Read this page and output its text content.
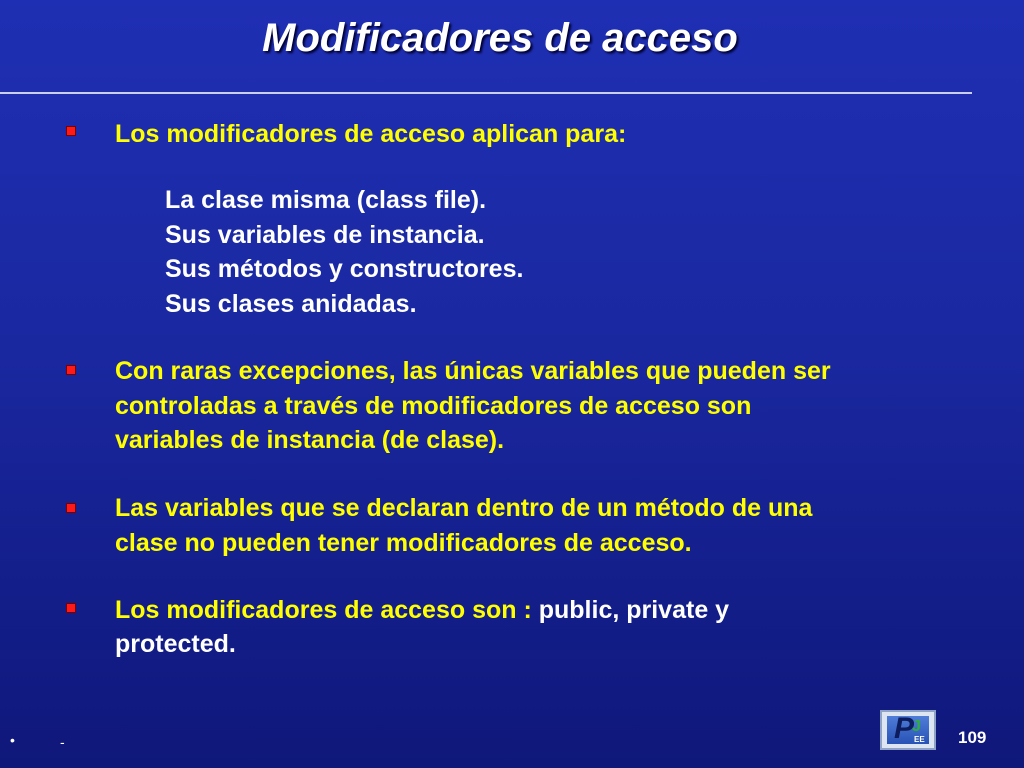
Modificadores de acceso
Los modificadores de acceso aplican para:
La clase misma (class file).
Sus variables de instancia.
Sus métodos y constructores.
Sus clases anidadas.
Con raras excepciones, las únicas variables que pueden ser
controladas a través de modificadores de acceso son
variables de instancia (de clase).
Las variables que se declaran dentro de un método de una
clase no pueden tener modificadores de acceso.
Los modificadores de acceso son : public, private y
protected.
•	-	P
J
EE 109
